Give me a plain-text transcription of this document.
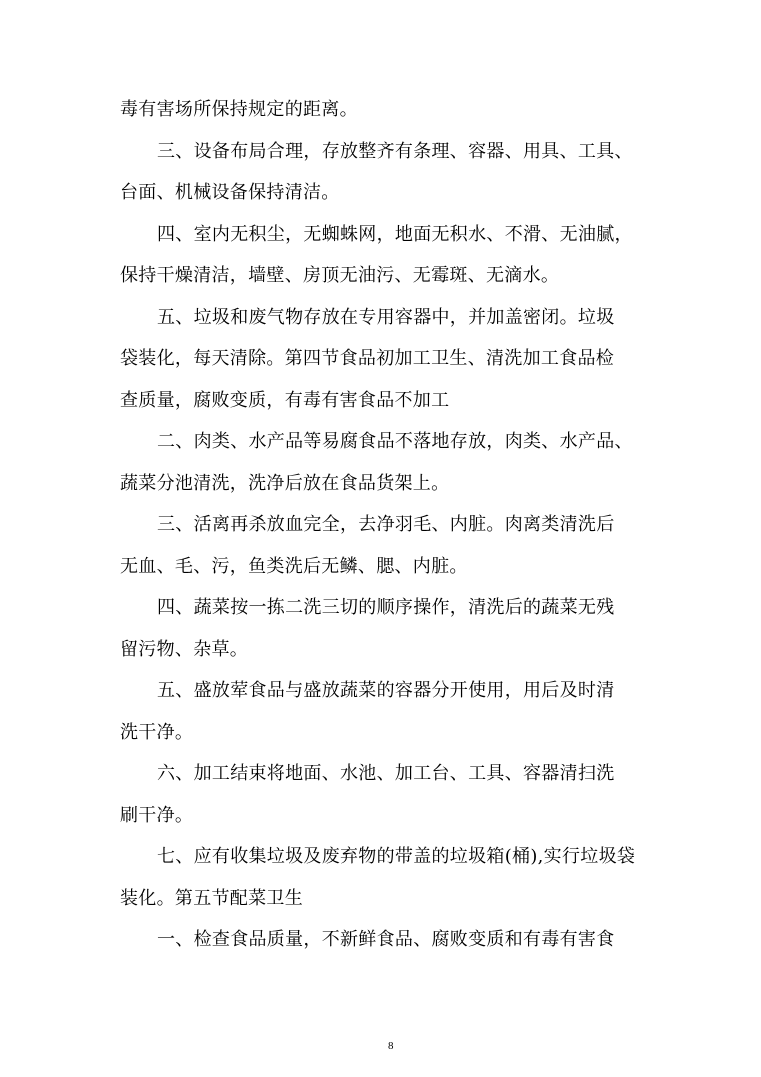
毒有害场所保持规定的距离。
三、设备布局合理，存放整齐有条理、容器、用具、工具、
台面、机械设备保持清洁。
四、室内无积尘，无蜘蛛网，地面无积水、不滑、无油腻，
保持干燥清洁，墙壁、房顶无油污、无霉斑、无滴水。
五、垃圾和废气物存放在专用容器中，并加盖密闭。垃圾
袋装化，每天清除。第四节食品初加工卫生、清洗加工食品检
查质量，腐败变质，有毒有害食品不加工
二、肉类、水产品等易腐食品不落地存放，肉类、水产品、
蔬菜分池清洗，洗净后放在食品货架上。
三、活离再杀放血完全，去净羽毛、内脏。肉离类清洗后
无血、毛、污，鱼类洗后无鳞、腮、内脏。
四、蔬菜按一拣二洗三切的顺序操作，清洗后的蔬菜无残
留污物、杂草。
五、盛放荤食品与盛放蔬菜的容器分开使用，用后及时清
洗干净。
六、加工结束将地面、水池、加工台、工具、容器清扫洗
刷干净。
七、应有收集垃圾及废弃物的带盖的垃圾箱(桶),实行垃圾袋
装化。第五节配菜卫生
一、检查食品质量，不新鲜食品、腐败变质和有毒有害食
8
